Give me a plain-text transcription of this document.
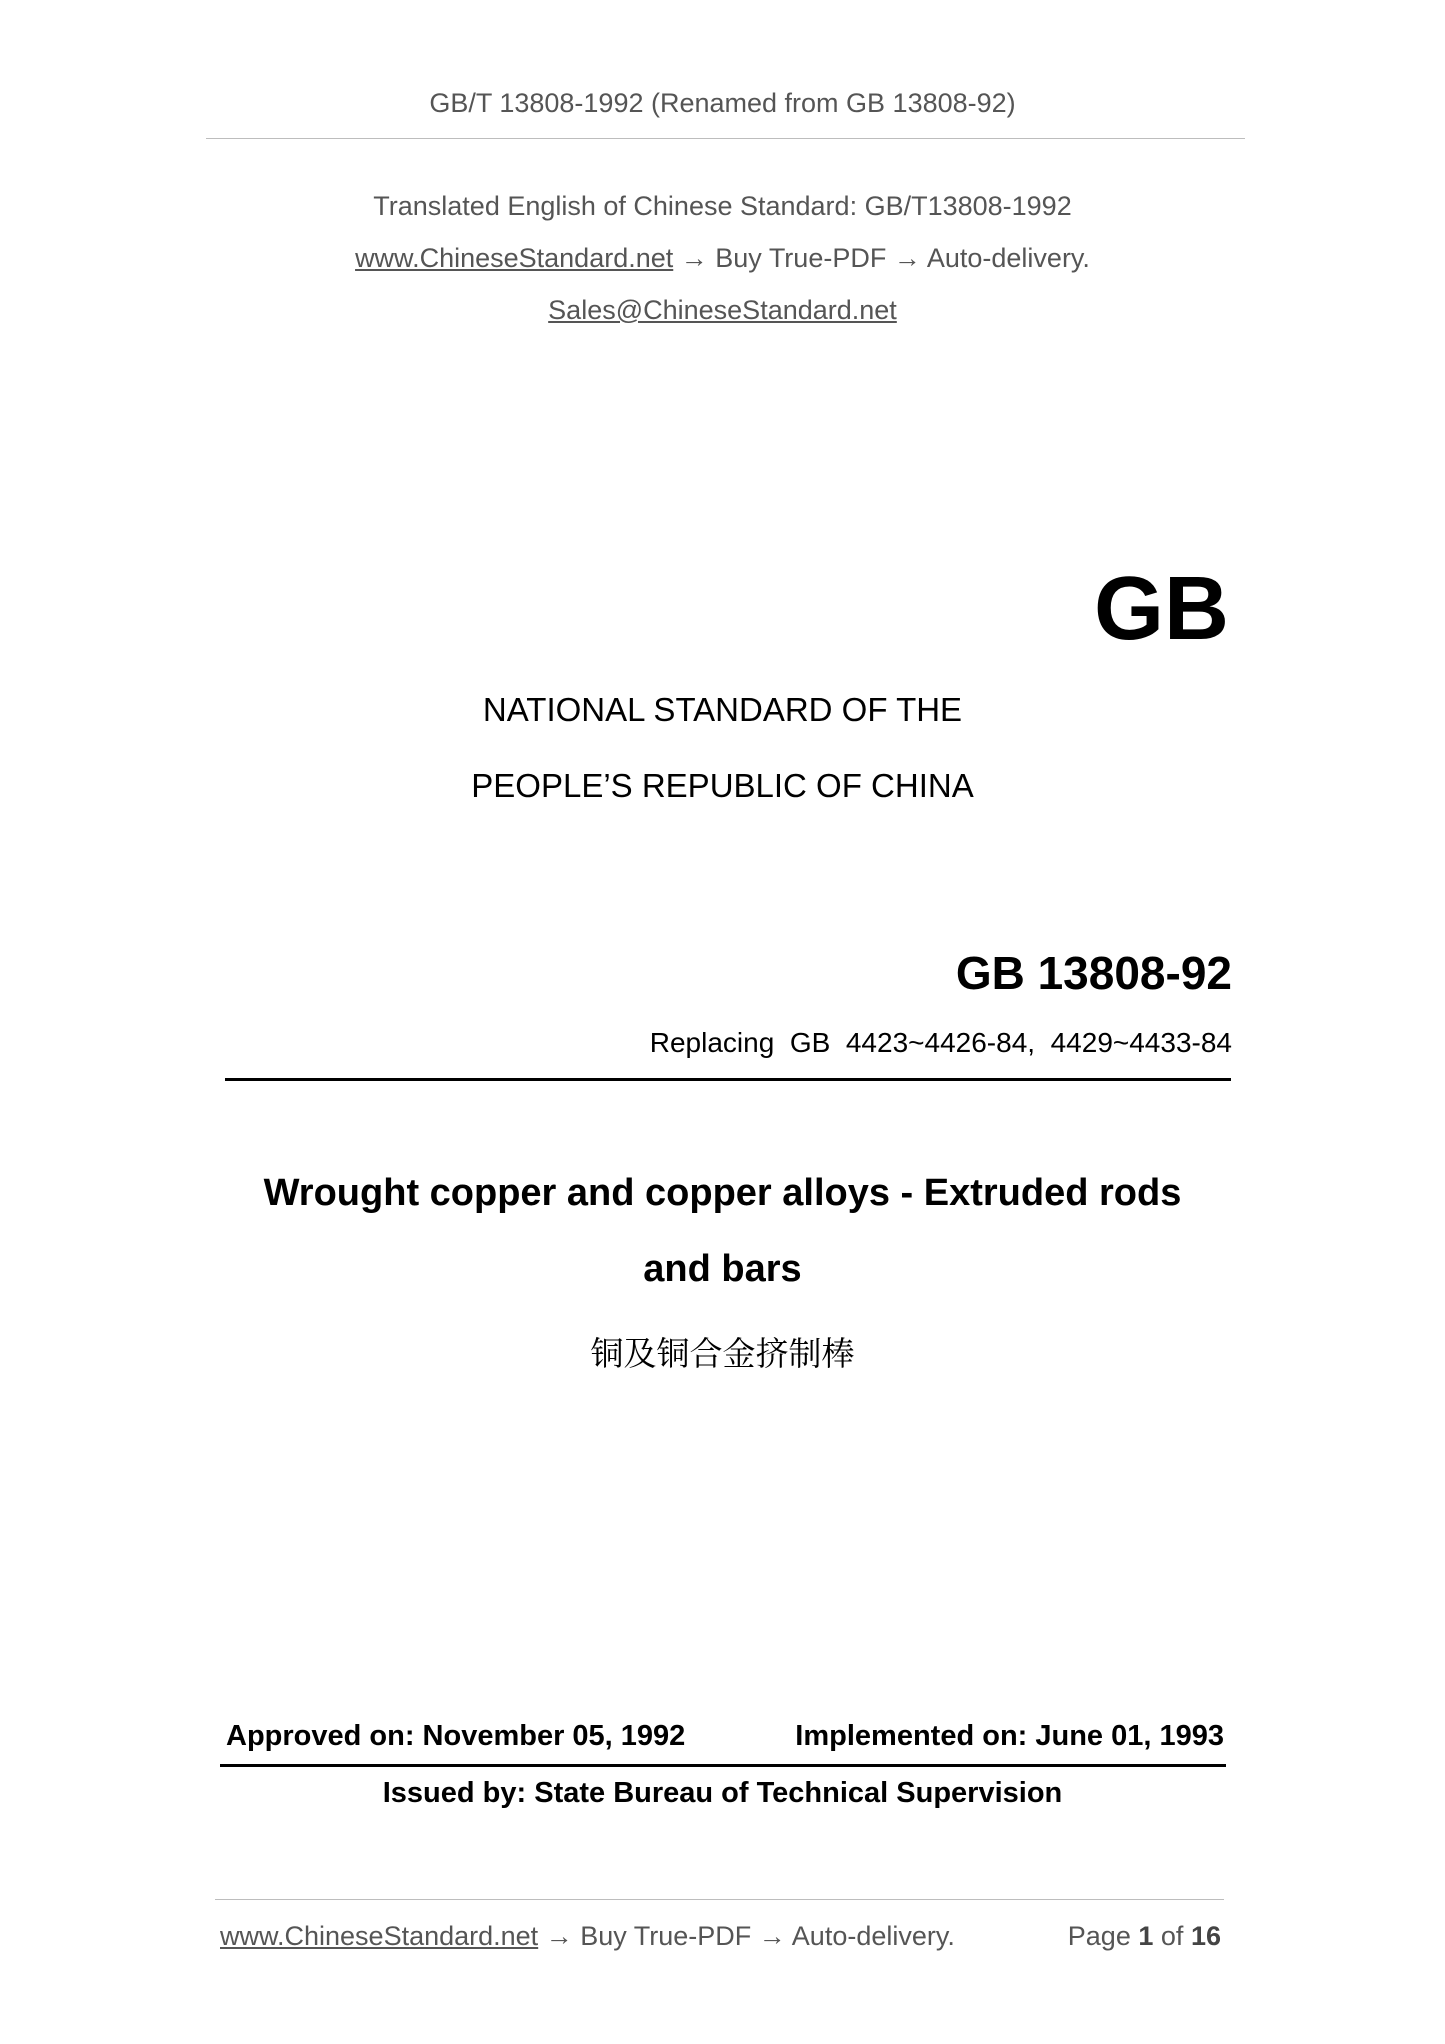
GB/T 13808-1992 (Renamed from GB 13808-92)
Translated English of Chinese Standard: GB/T13808-1992
www.ChineseStandard.net → Buy True-PDF → Auto-delivery.
Sales@ChineseStandard.net
GB
NATIONAL STANDARD OF THE
PEOPLE’S REPUBLIC OF CHINA
GB 13808-92
Replacing  GB  4423~4426-84,  4429~4433-84
Wrought copper and copper alloys - Extruded rods
and bars
铜及铜合金挤制棒
Approved on: November 05, 1992	Implemented on: June 01, 1993
Issued by: State Bureau of Technical Supervision
www.ChineseStandard.net → Buy True-PDF → Auto-delivery.	Page 1 of 16
